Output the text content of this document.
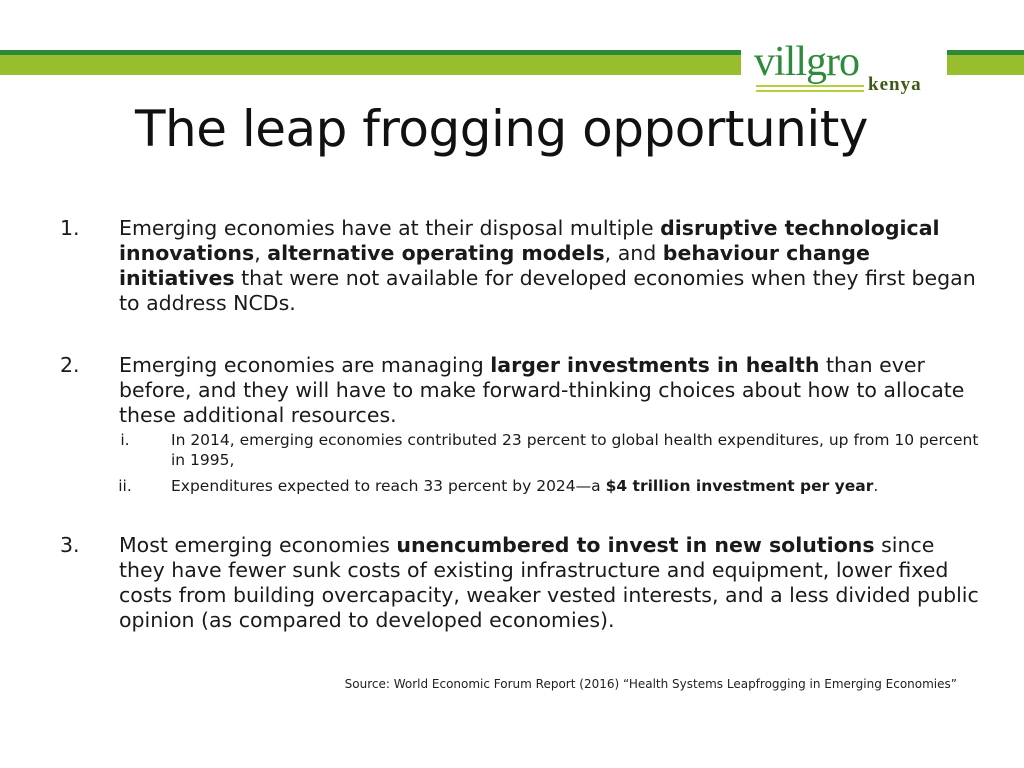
villgro kenya
The leap frogging opportunity
1. Emerging economies have at their disposal multiple disruptive technological innovations, alternative operating models, and behaviour change initiatives that were not available for developed economies when they first began to address NCDs.
2. Emerging economies are managing larger investments in health than ever before, and they will have to make forward-thinking choices about how to allocate these additional resources.
i.	In 2014, emerging economies contributed 23 percent to global health expenditures, up from 10 percent in 1995,
ii.	Expenditures expected to reach 33 percent by 2024—a $4 trillion investment per year.
3. Most emerging economies unencumbered to invest in new solutions since they have fewer sunk costs of existing infrastructure and equipment, lower fixed costs from building overcapacity, weaker vested interests, and a less divided public opinion (as compared to developed economies).
Source: World Economic Forum Report (2016) “Health Systems Leapfrogging in Emerging Economies”
